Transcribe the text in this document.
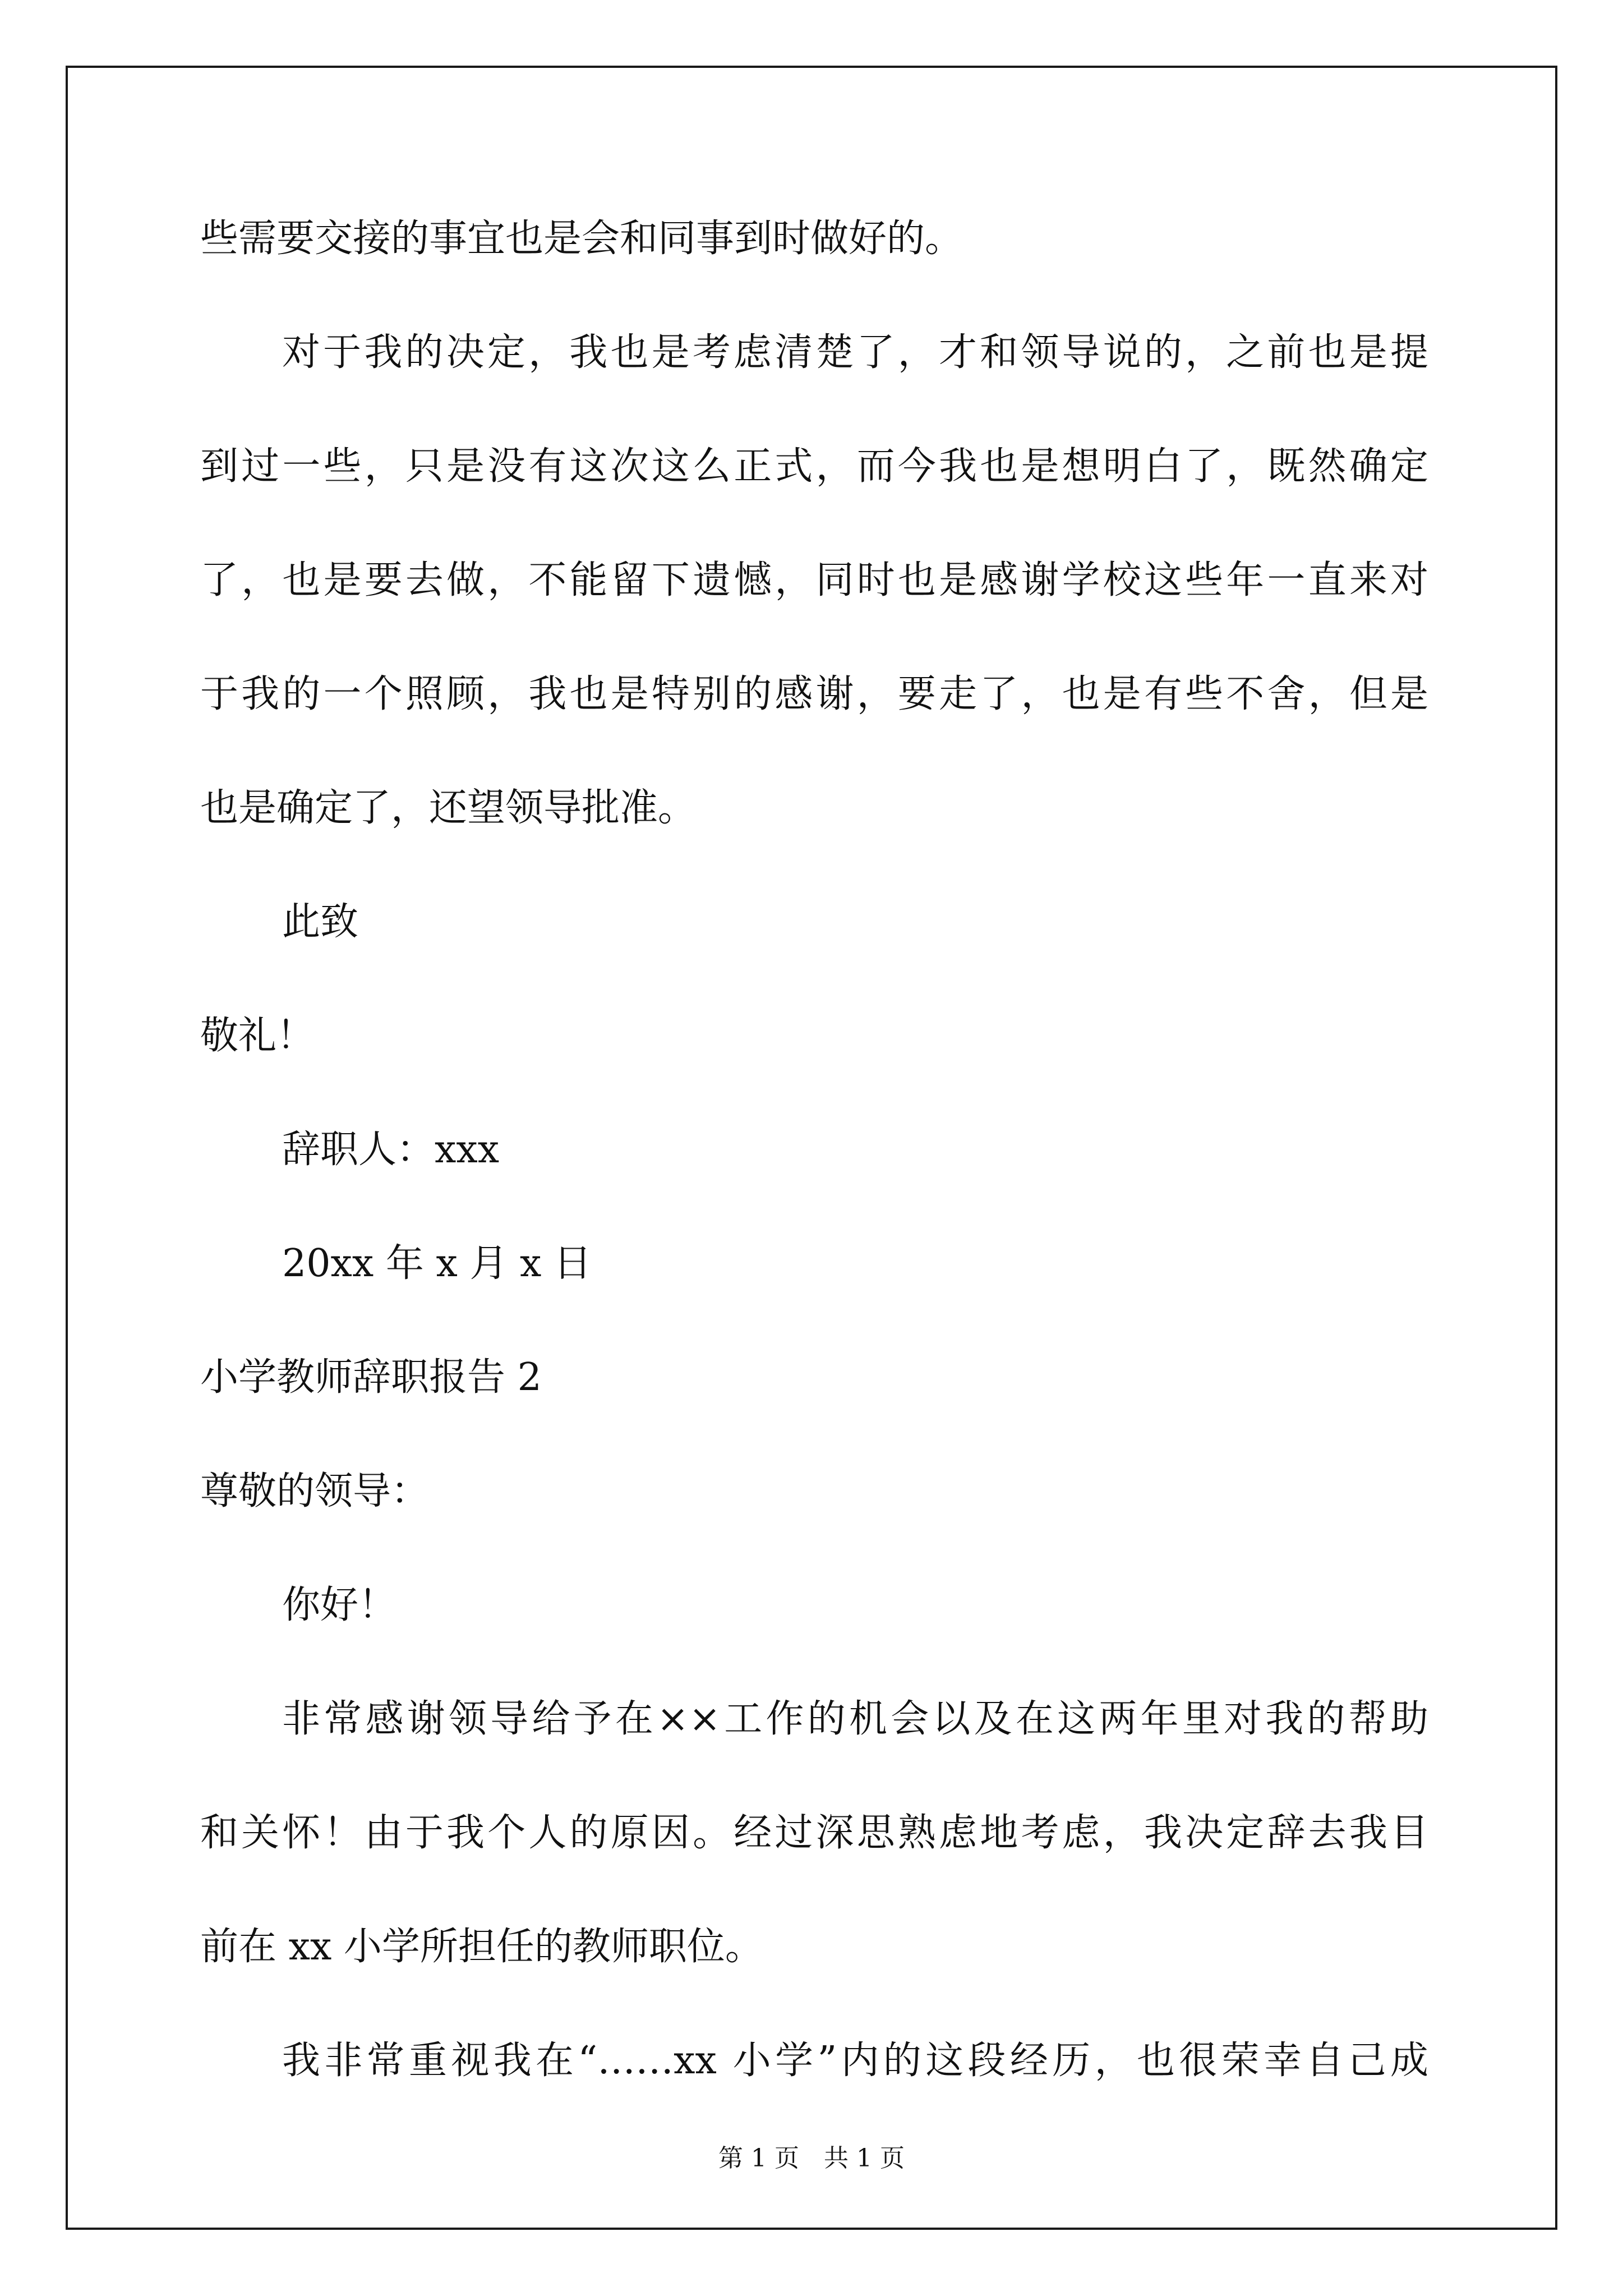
些需要交接的事宜也是会和同事到时做好的。
对于我的决定，我也是考虑清楚了，才和领导说的，之前也是提
到过一些，只是没有这次这么正式，而今我也是想明白了，既然确定
了，也是要去做，不能留下遗憾，同时也是感谢学校这些年一直来对
于我的一个照顾，我也是特别的感谢，要走了，也是有些不舍，但是
也是确定了，还望领导批准。
此致
敬礼！
辞职人：xxx
20xx 年 x 月 x 日
小学教师辞职报告 2
尊敬的领导：
你好！
非常感谢领导给予在××工作的机会以及在这两年里对我的帮助
和关怀！由于我个人的原因。经过深思熟虑地考虑，我决定辞去我目
前在 xx 小学所担任的教师职位。
我非常重视我在“……xx 小学”内的这段经历，也很荣幸自己成
第 1 页　共 1 页
